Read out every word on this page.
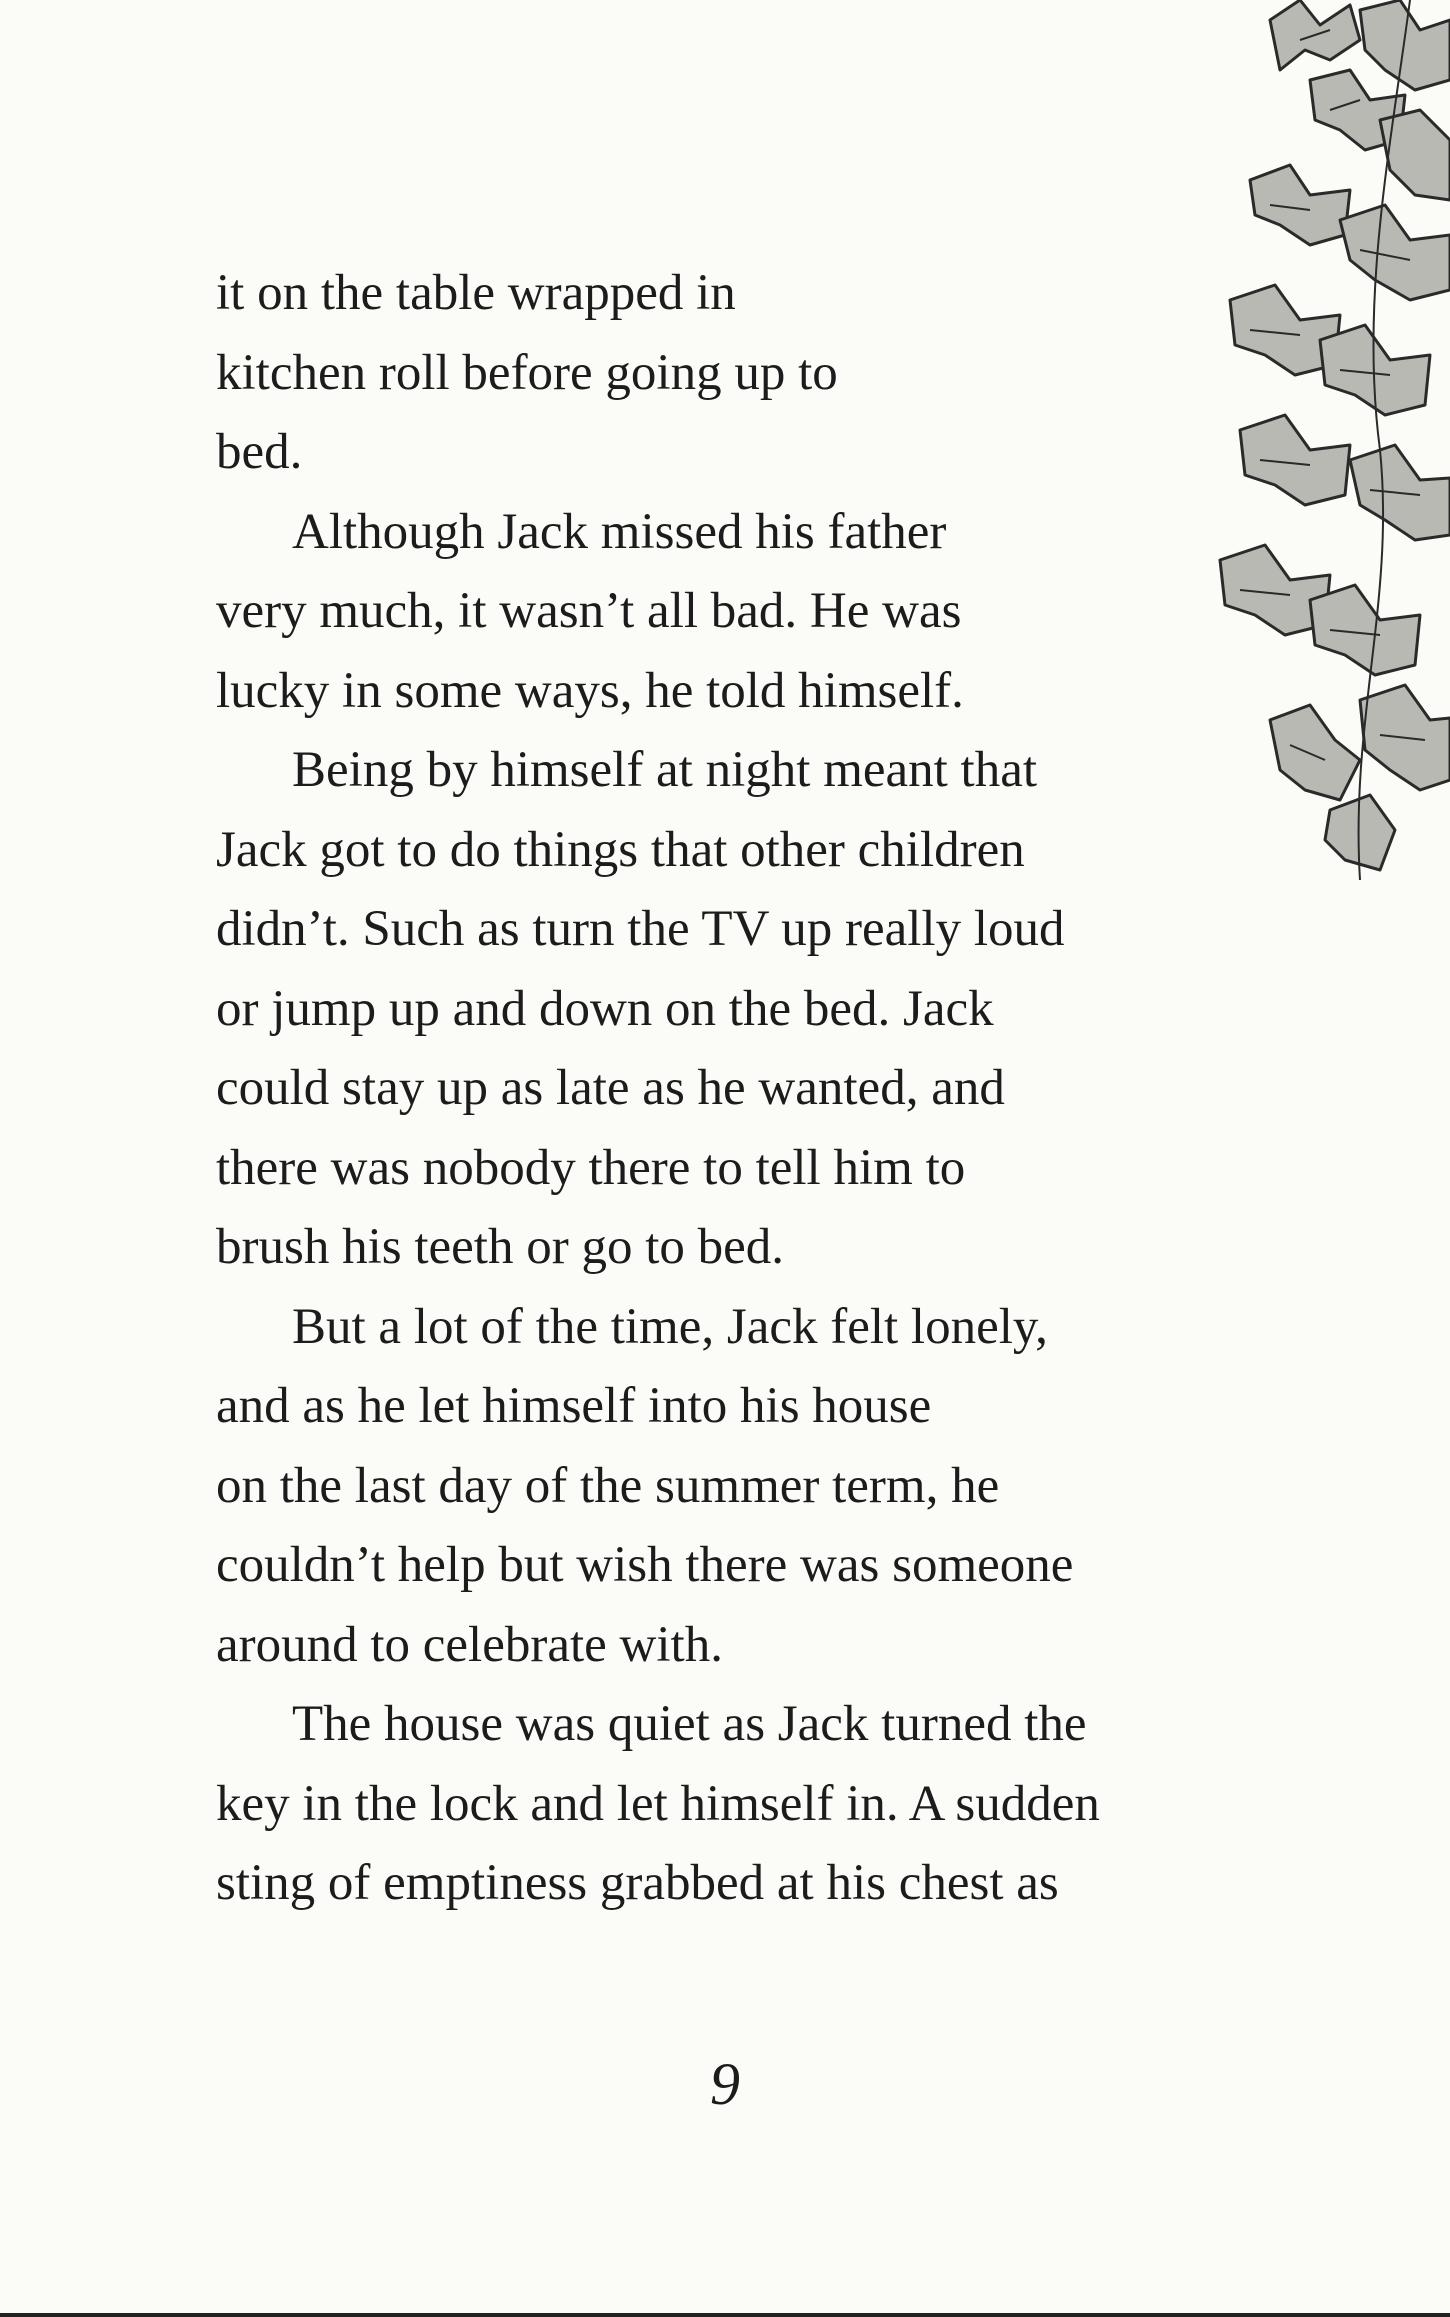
it on the table wrapped in
kitchen roll before going up to
bed.
Although Jack missed his father
very much, it wasn’t all bad. He was
lucky in some ways, he told himself.
Being by himself at night meant that
Jack got to do things that other children
didn’t. Such as turn the TV up really loud
or jump up and down on the bed. Jack
could stay up as late as he wanted, and
there was nobody there to tell him to
brush his teeth or go to bed.
But a lot of the time, Jack felt lonely,
and as he let himself into his house
on the last day of the summer term, he
couldn’t help but wish there was someone
around to celebrate with.
The house was quiet as Jack turned the
key in the lock and let himself in. A sudden
sting of emptiness grabbed at his chest as
9
